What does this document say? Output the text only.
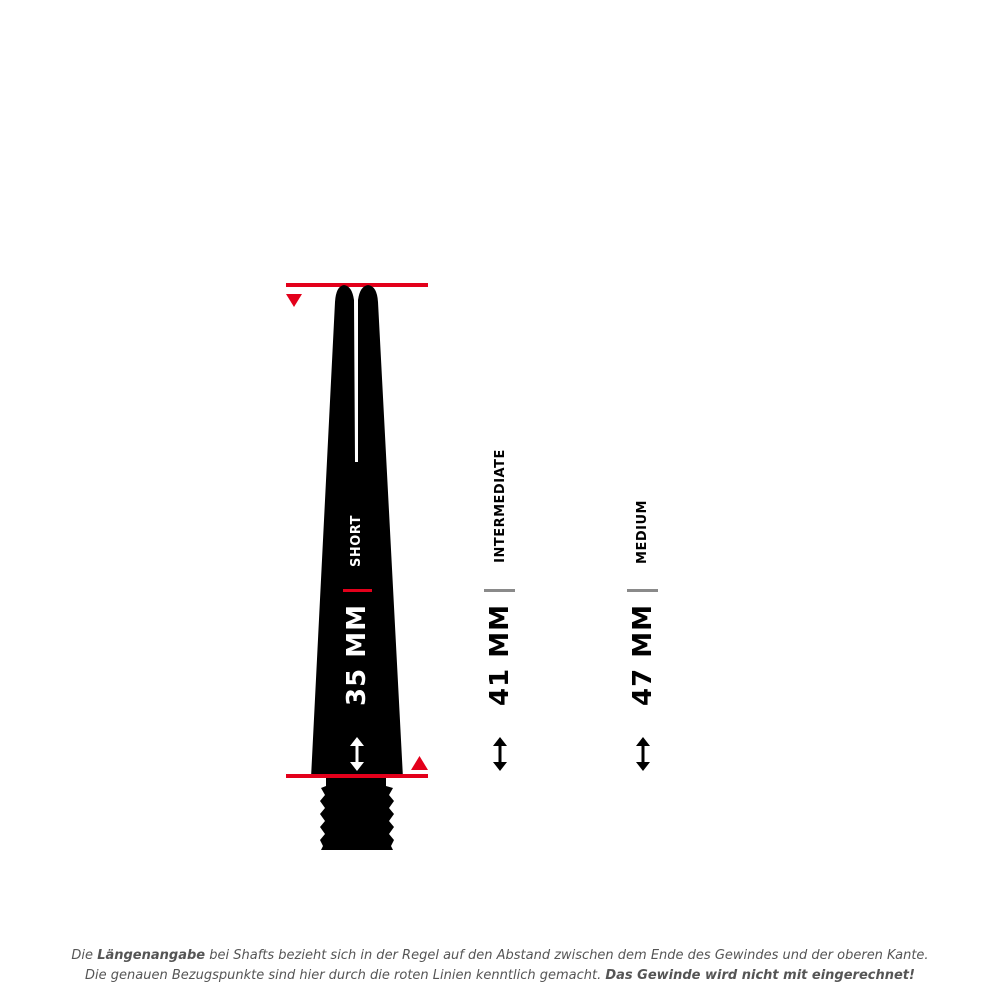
SHORT
35 MM
INTERMEDIATE
41 MM
MEDIUM
47 MM
Die Längenangabe bei Shafts bezieht sich in der Regel auf den Abstand zwischen dem Ende des Gewindes und der oberen Kante.
Die genauen Bezugspunkte sind hier durch die roten Linien kenntlich gemacht. Das Gewinde wird nicht mit eingerechnet!
